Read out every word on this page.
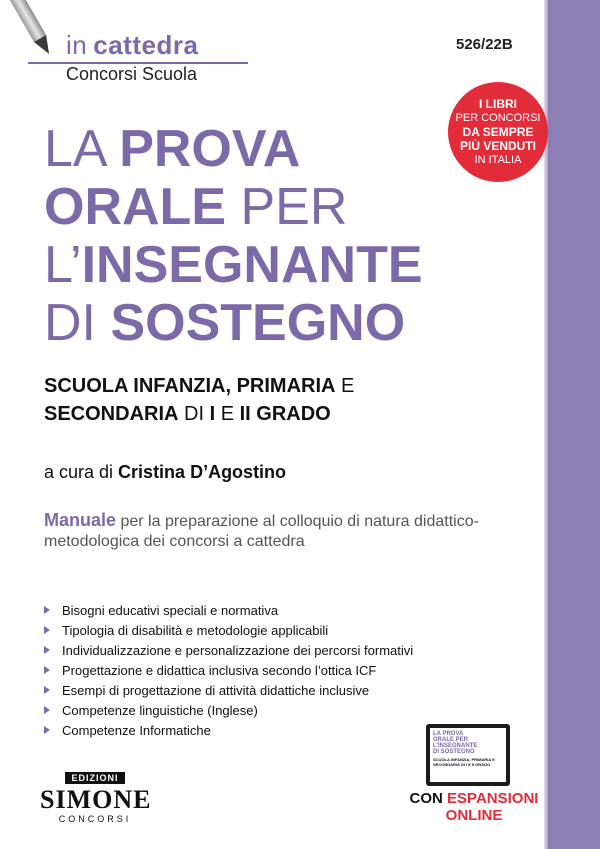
in cattedra
Concorsi Scuola
526/22B
I LIBRI
PER CONCORSI
DA SEMPRE
PIÙ VENDUTI
IN ITALIA
LA PROVA
ORALE PER
L’INSEGNANTE
DI SOSTEGNO
SCUOLA INFANZIA, PRIMARIA E
SECONDARIA DI I E II GRADO
a cura di Cristina D’Agostino
Manuale per la preparazione al colloquio di natura didattico-metodologica dei concorsi a cattedra
Bisogni educativi speciali e normativa
Tipologia di disabilità e metodologie applicabili
Individualizzazione e personalizzazione dei percorsi formativi
Progettazione e didattica inclusiva secondo l’ottica ICF
Esempi di progettazione di attività didattiche inclusive
Competenze linguistiche (Inglese)
Competenze Informatiche
EDIZIONI
SIMONE
CONCORSI
LA PROVA
ORALE PER
L’INSEGNANTE
DI SOSTEGNO
SCUOLA INFANZIA, PRIMARIA E SECONDARIA DI I E II GRADO
CON ESPANSIONI
ONLINE
